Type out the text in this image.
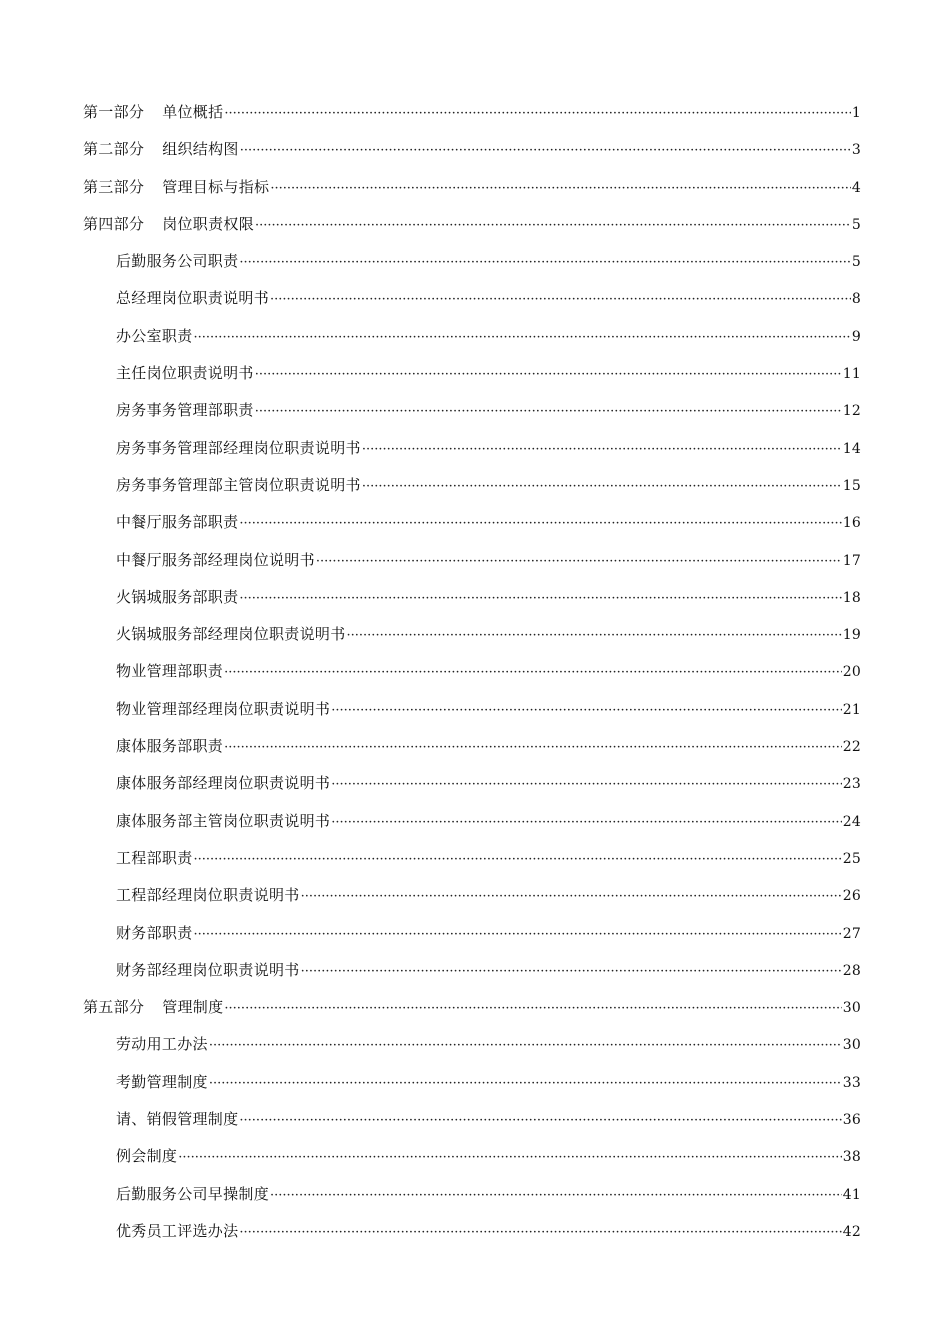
第一部分 单位概括 ·····	1
第二部分 组织结构图 ·····	3
第三部分 管理目标与指标 ·····	4
第四部分 岗位职责权限 ·····	5
后勤服务公司职责 ·····	5
总经理岗位职责说明书 ·····	8
办公室职责 ·····	9
主任岗位职责说明书 ·····	11
房务事务管理部职责 ·····	12
房务事务管理部经理岗位职责说明书 ·····	14
房务事务管理部主管岗位职责说明书 ·····	15
中餐厅服务部职责 ·····	16
中餐厅服务部经理岗位说明书 ·····	17
火锅城服务部职责 ·····	18
火锅城服务部经理岗位职责说明书 ·····	19
物业管理部职责 ·····	20
物业管理部经理岗位职责说明书 ·····	21
康体服务部职责 ·····	22
康体服务部经理岗位职责说明书 ·····	23
康体服务部主管岗位职责说明书 ·····	24
工程部职责 ·····	25
工程部经理岗位职责说明书 ·····	26
财务部职责 ·····	27
财务部经理岗位职责说明书 ·····	28
第五部分 管理制度 ·····	30
劳动用工办法 ·····	30
考勤管理制度 ·····	33
请、销假管理制度 ·····	36
例会制度 ·····	38
后勤服务公司早操制度 ·····	41
优秀员工评选办法 ·····	42
